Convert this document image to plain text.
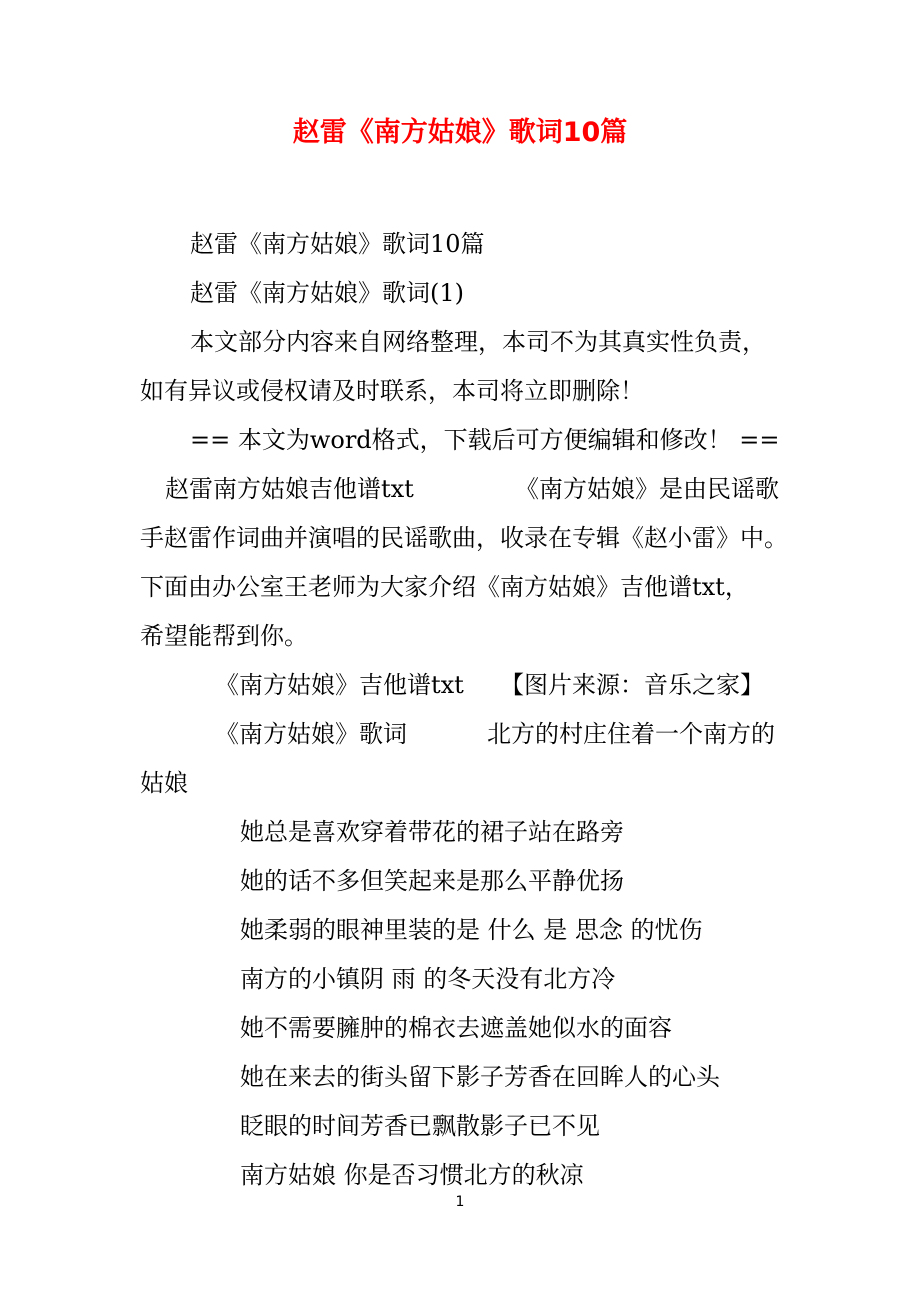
赵雷《南方姑娘》歌词10篇

赵雷《南方姑娘》歌词10篇

赵雷《南方姑娘》歌词(1)

本文部分内容来自网络整理，本司不为其真实性负责，

如有异议或侵权请及时联系，本司将立即删除！

== 本文为word格式，下载后可方便编辑和修改！ ==

赵雷南方姑娘吉他谱txt	《南方姑娘》是由民谣歌

手赵雷作词曲并演唱的民谣歌曲，收录在专辑《赵小雷》中。

下面由办公室王老师为大家介绍《南方姑娘》吉他谱txt，

希望能帮到你。

《南方姑娘》吉他谱txt 【图片来源：音乐之家】

《南方姑娘》歌词	北方的村庄住着一个南方的

姑娘

她总是喜欢穿着带花的裙子站在路旁

她的话不多但笑起来是那么平静优扬

她柔弱的眼神里装的是 什么 是 思念 的忧伤

南方的小镇阴 雨 的冬天没有北方冷

她不需要臃肿的棉衣去遮盖她似水的面容

她在来去的街头留下影子芳香在回眸人的心头

眨眼的时间芳香已飘散影子已不见

南方姑娘 你是否习惯北方的秋凉

1
